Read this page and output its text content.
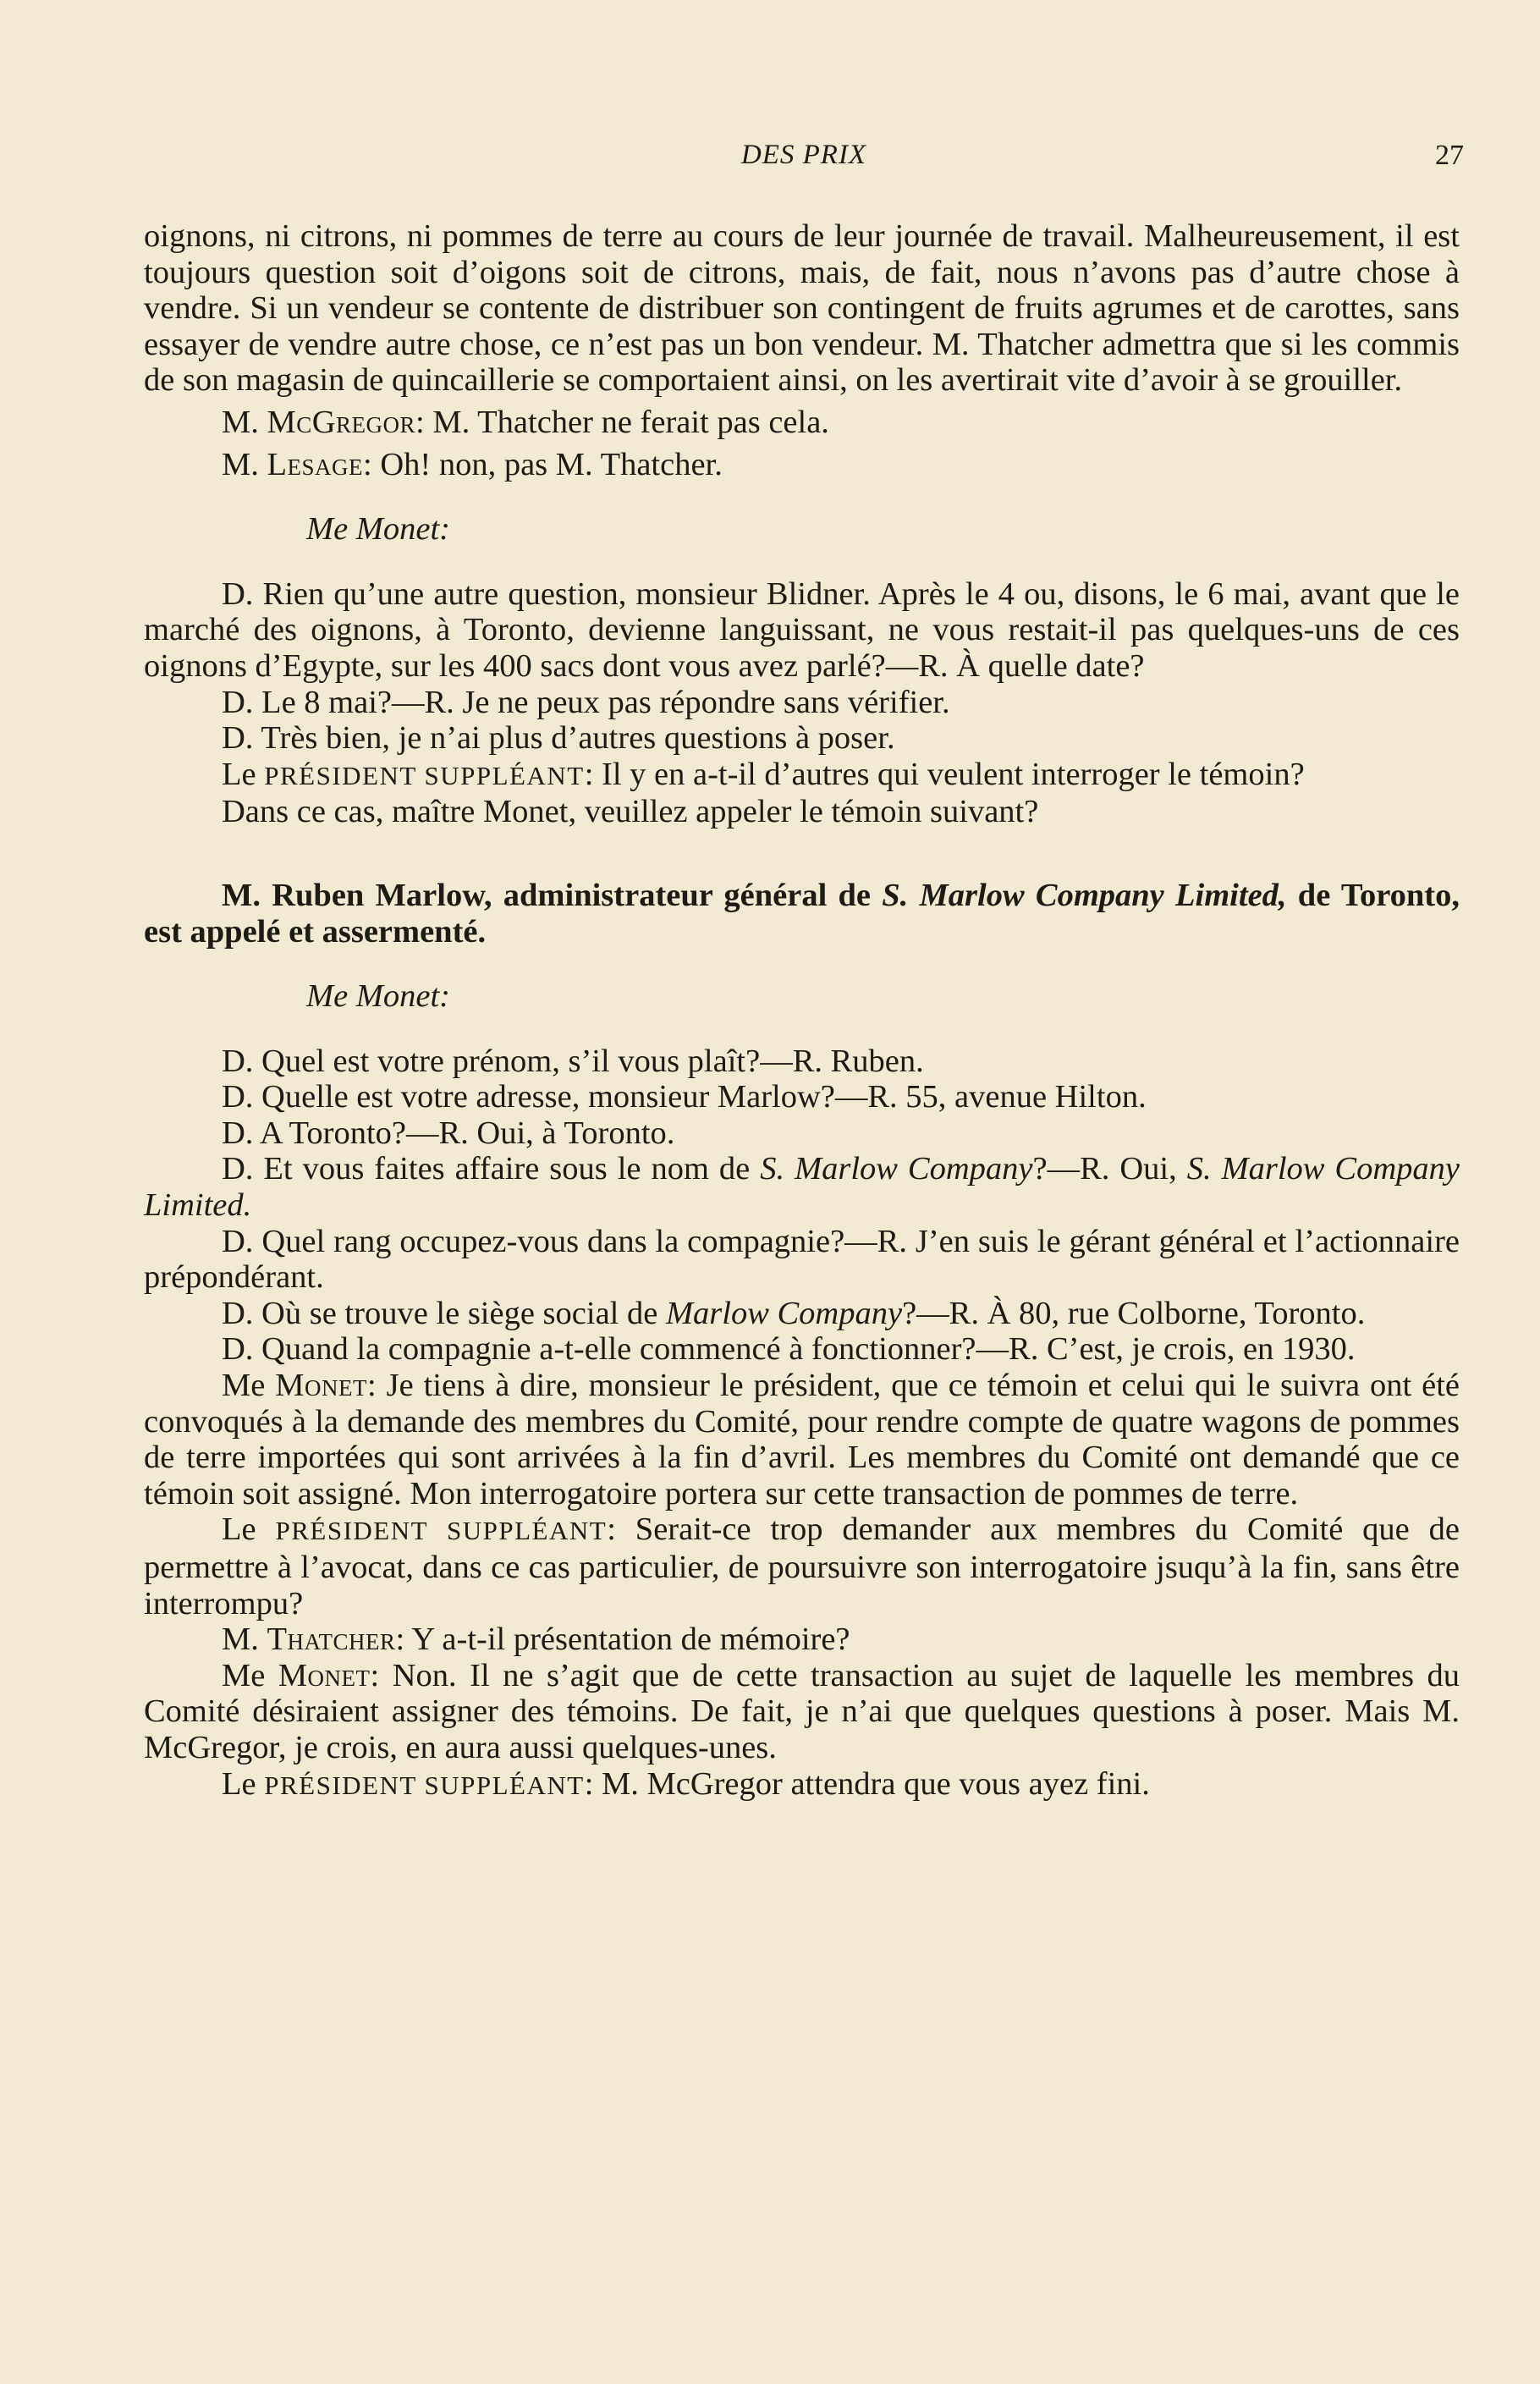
DES PRIX	27

oignons, ni citrons, ni pommes de terre au cours de leur journée de travail. Malheureusement, il est toujours question soit d’oigons soit de citrons, mais, de fait, nous n’avons pas d’autre chose à vendre. Si un vendeur se contente de distribuer son contingent de fruits agrumes et de carottes, sans essayer de vendre autre chose, ce n’est pas un bon vendeur. M. Thatcher admettra que si les commis de son magasin de quincaillerie se comportaient ainsi, on les avertirait vite d’avoir à se grouiller.

M. McGregor: M. Thatcher ne ferait pas cela.

M. Lesage: Oh! non, pas M. Thatcher.

Me Monet:

D. Rien qu’une autre question, monsieur Blidner. Après le 4 ou, disons, le 6 mai, avant que le marché des oignons, à Toronto, devienne languissant, ne vous restait-il pas quelques-uns de ces oignons d’Egypte, sur les 400 sacs dont vous avez parlé?—R. À quelle date?

D. Le 8 mai?—R. Je ne peux pas répondre sans vérifier.

D. Très bien, je n’ai plus d’autres questions à poser.

Le PRÉSIDENT SUPPLÉANT: Il y en a-t-il d’autres qui veulent interroger le témoin?

Dans ce cas, maître Monet, veuillez appeler le témoin suivant?

M. Ruben Marlow, administrateur général de S. Marlow Company Limited, de Toronto, est appelé et assermenté.

Me Monet:

D. Quel est votre prénom, s’il vous plaît?—R. Ruben.

D. Quelle est votre adresse, monsieur Marlow?—R. 55, avenue Hilton.

D. A Toronto?—R. Oui, à Toronto.

D. Et vous faites affaire sous le nom de S. Marlow Company?—R. Oui, S. Marlow Company Limited.

D. Quel rang occupez-vous dans la compagnie?—R. J’en suis le gérant général et l’actionnaire prépondérant.

D. Où se trouve le siège social de Marlow Company?—R. À 80, rue Colborne, Toronto.

D. Quand la compagnie a-t-elle commencé à fonctionner?—R. C’est, je crois, en 1930.

Me Monet: Je tiens à dire, monsieur le président, que ce témoin et celui qui le suivra ont été convoqués à la demande des membres du Comité, pour rendre compte de quatre wagons de pommes de terre importées qui sont arrivées à la fin d’avril. Les membres du Comité ont demandé que ce témoin soit assigné. Mon interrogatoire portera sur cette transaction de pommes de terre.

Le PRÉSIDENT SUPPLÉANT: Serait-ce trop demander aux membres du Comité que de permettre à l’avocat, dans ce cas particulier, de poursuivre son interrogatoire jsuqu’à la fin, sans être interrompu?

M. Thatcher: Y a-t-il présentation de mémoire?

Me Monet: Non. Il ne s’agit que de cette transaction au sujet de laquelle les membres du Comité désiraient assigner des témoins. De fait, je n’ai que quelques questions à poser. Mais M. McGregor, je crois, en aura aussi quelques-unes.

Le PRÉSIDENT SUPPLÉANT: M. McGregor attendra que vous ayez fini.
